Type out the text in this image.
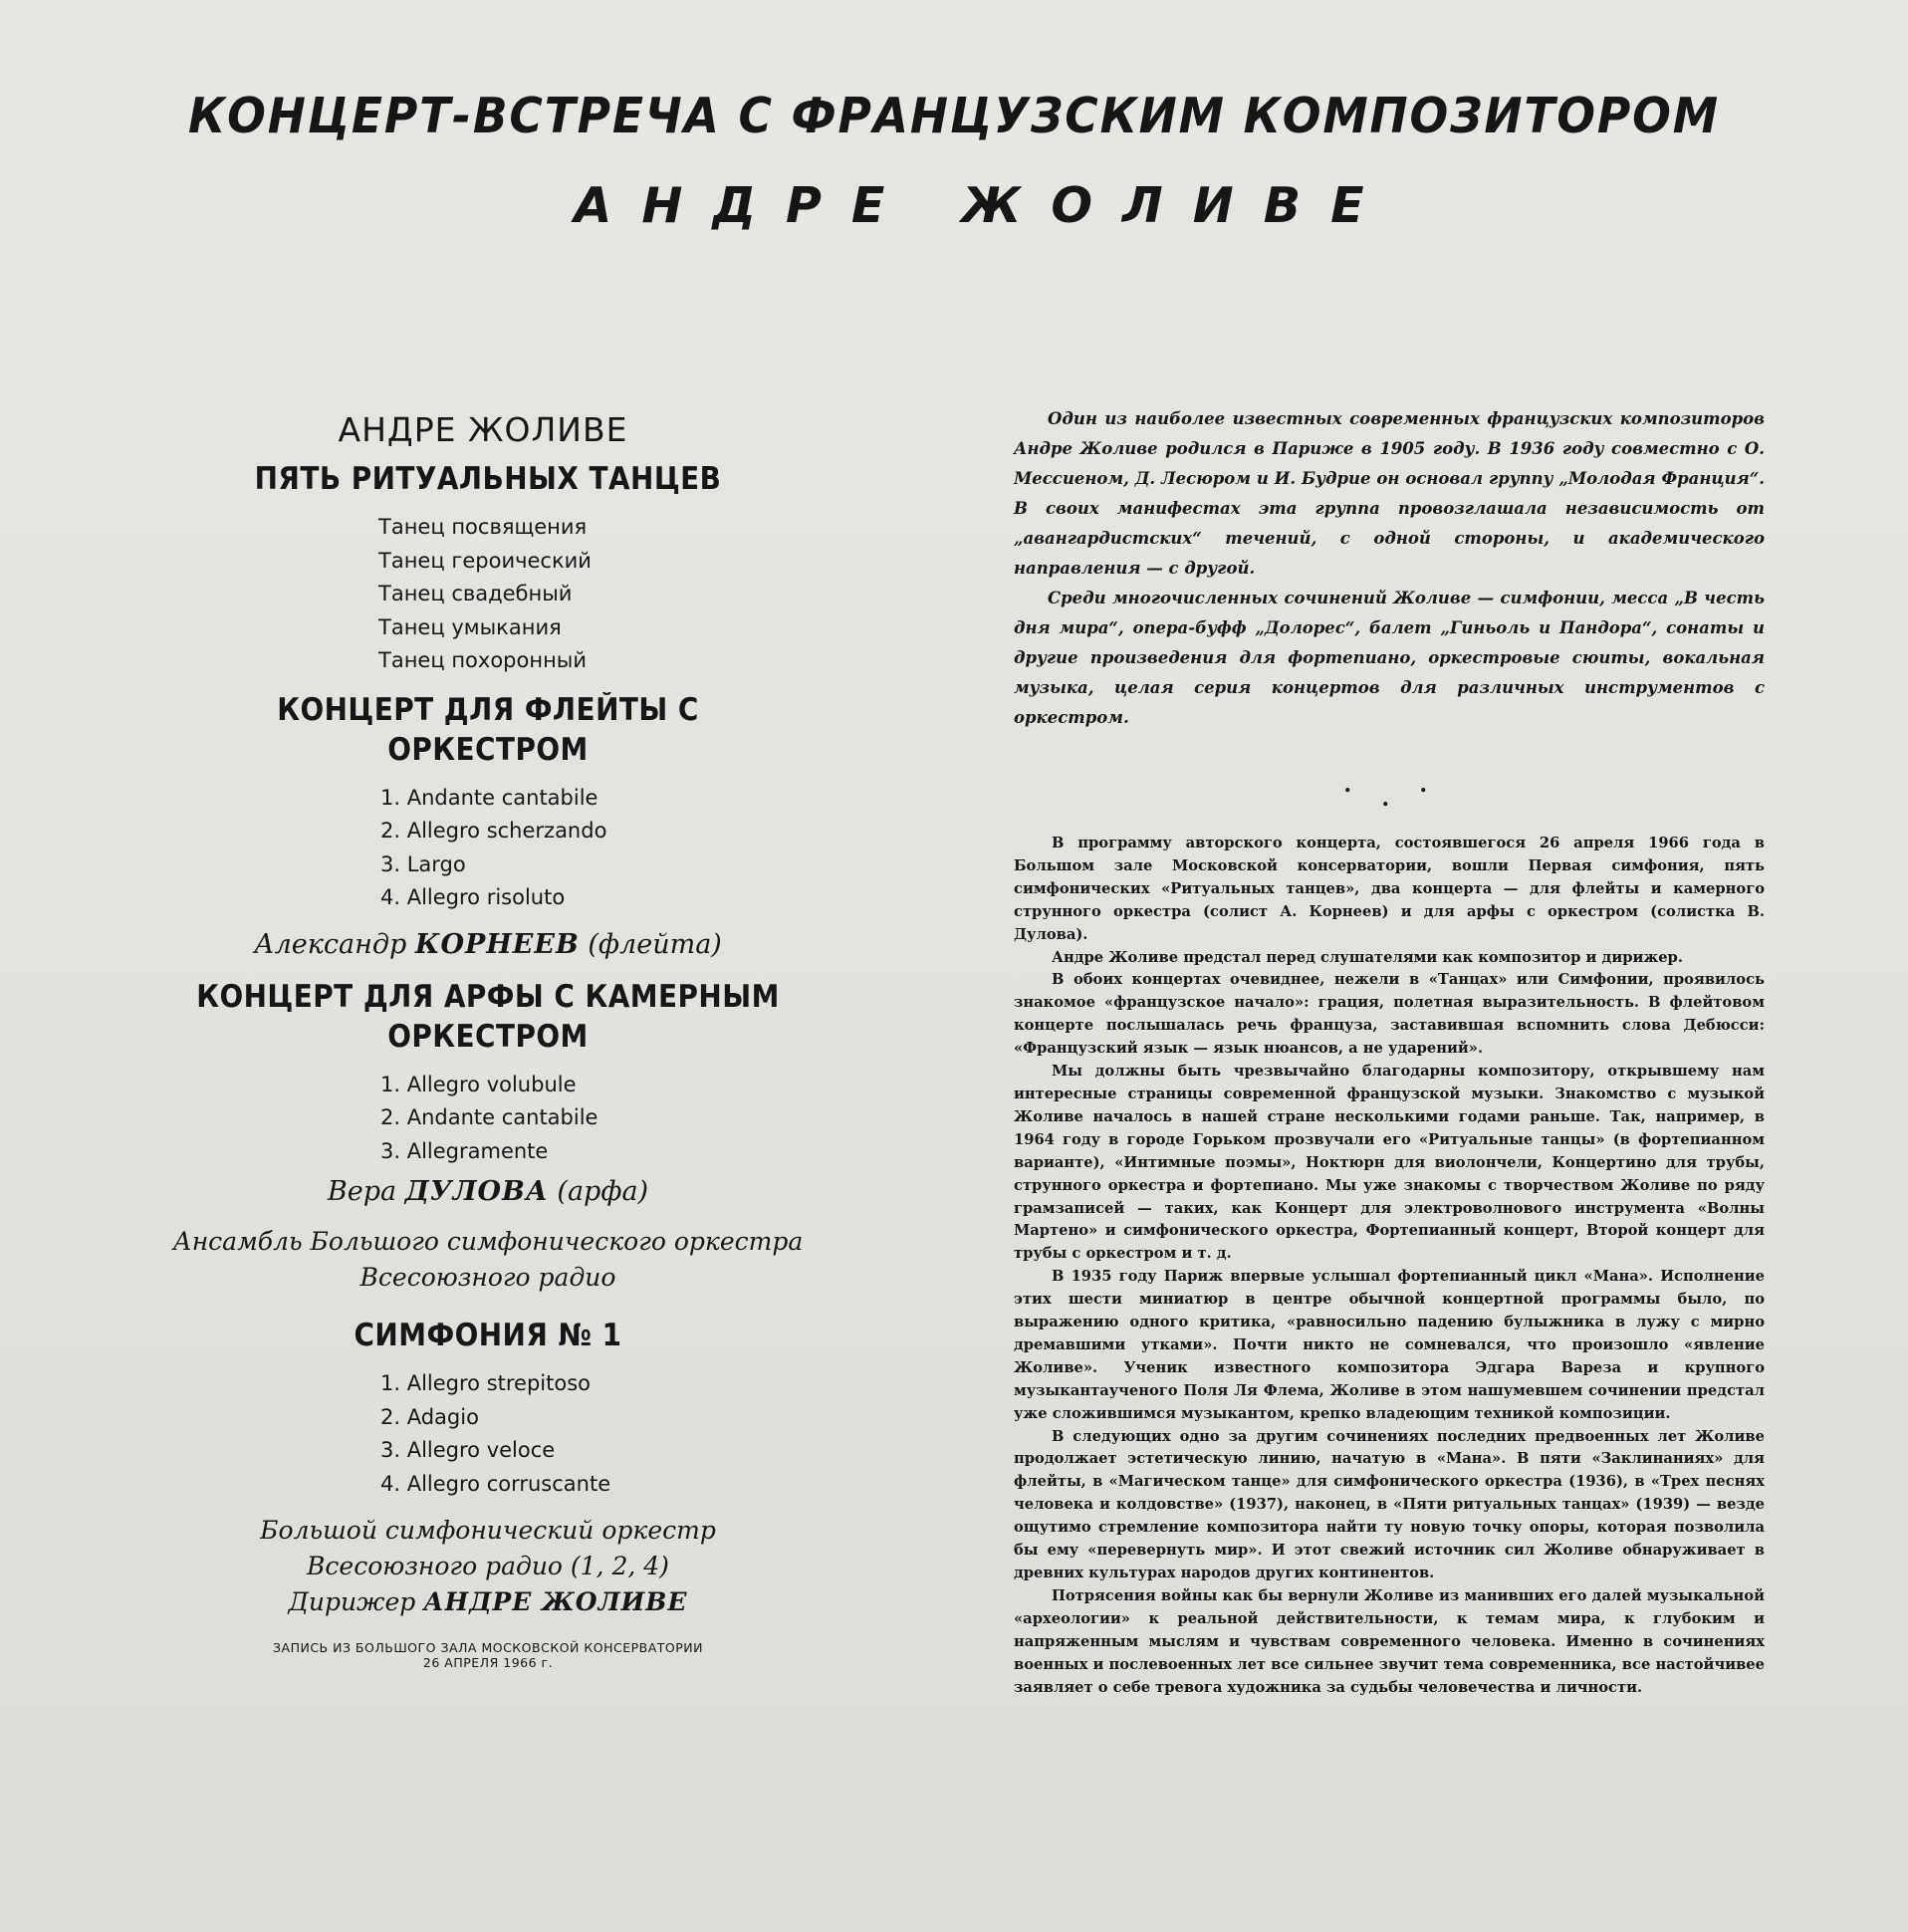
КОНЦЕРТ-ВСТРЕЧА С ФРАНЦУЗСКИМ КОМПОЗИТОРОМ
АНДРЕ ЖОЛИВЕ
АНДРЕ ЖОЛИВЕ
ПЯТЬ РИТУАЛЬНЫХ ТАНЦЕВ
Танец посвящения
Танец героический
Танец свадебный
Танец умыкания
Танец похоронный
КОНЦЕРТ ДЛЯ ФЛЕЙТЫ С ОРКЕСТРОМ
1. Andante cantabile
2. Allegro scherzando
3. Largo
4. Allegro risoluto
Александр КОРНЕЕВ (флейта)
КОНЦЕРТ ДЛЯ АРФЫ С КАМЕРНЫМ
ОРКЕСТРОМ
1. Allegro volubule
2. Andante cantabile
3. Allegramente
Вера ДУЛОВА (арфа)
Ансамбль Большого симфонического оркестра
Всесоюзного радио
СИМФОНИЯ № 1
1. Allegro strepitoso
2. Adagio
3. Allegro veloce
4. Allegro corruscante
Большой симфонический оркестр
Всесоюзного радио (1, 2, 4)
Дирижер АНДРЕ ЖОЛИВЕ
ЗАПИСЬ ИЗ БОЛЬШОГО ЗАЛА МОСКОВСКОЙ КОНСЕРВАТОРИИ
26 АПРЕЛЯ 1966 г.

Один из наиболее известных современных французских композиторов Андре Жоливе родился в Париже в 1905 году. В 1936 году совместно с О. Мессиеном, Д. Лесюром и И. Будрие он основал группу „Молодая Франция“. В своих манифестах эта группа провозглашала независимость от „авангардистских“ течений, с одной стороны, и академического направления — с другой.

Среди многочисленных сочинений Жоливе — симфонии, месса „В честь дня мира“, опера-буфф „Долорес“, балет „Гиньоль и Пандора“, сонаты и другие произведения для фортепиано, оркестровые сюиты, вокальная музыка, целая серия концертов для различных инструментов с оркестром.

. .
.

В программу авторского концерта, состоявшегося 26 апреля 1966 года в Большом зале Московской консерватории, вошли Первая симфония, пять симфонических «Ритуальных танцев», два концерта — для флейты и камерного струнного оркестра (солист А. Корнеев) и для арфы с оркестром (солистка В. Дулова).

Андре Жоливе предстал перед слушателями как композитор и дирижер.

В обоих концертах очевиднее, нежели в «Танцах» или Симфонии, проявилось знакомое «французское начало»: грация, полетная выразительность. В флейтовом концерте послышалась речь француза, заставившая вспомнить слова Дебюсси: «Французский язык — язык нюансов, а не ударений».

Мы должны быть чрезвычайно благодарны композитору, открывшему нам интересные страницы современной французской музыки. Знакомство с музыкой Жоливе началось в нашей стране несколькими годами раньше. Так, например, в 1964 году в городе Горьком прозвучали его «Ритуальные танцы» (в фортепианном варианте), «Интимные поэмы», Ноктюрн для виолончели, Концертино для трубы, струнного оркестра и фортепиано. Мы уже знакомы с творчеством Жоливе по ряду грамзаписей — таких, как Концерт для электроволнового инструмента «Волны Мартено» и симфонического оркестра, Фортепианный концерт, Второй концерт для трубы с оркестром и т. д.

В 1935 году Париж впервые услышал фортепианный цикл «Мана». Исполнение этих шести миниатюр в центре обычной концертной программы было, по выражению одного критика, «равносильно падению булыжника в лужу с мирно дремавшими утками». Почти никто не сомневался, что произошло «явление Жоливе». Ученик известного композитора Эдгара Вареза и крупного музыкантаученого Поля Ля Флема, Жоливе в этом нашумевшем сочинении предстал уже сложившимся музыкантом, крепко владеющим техникой композиции.

В следующих одно за другим сочинениях последних предвоенных лет Жоливе продолжает эстетическую линию, начатую в «Мана». В пяти «Заклинаниях» для флейты, в «Магическом танце» для симфонического оркестра (1936), в «Трех песнях человека и колдовстве» (1937), наконец, в «Пяти ритуальных танцах» (1939) — везде ощутимо стремление композитора найти ту новую точку опоры, которая позволила бы ему «перевернуть мир». И этот свежий источник сил Жоливе обнаруживает в древних культурах народов других континентов.

Потрясения войны как бы вернули Жоливе из манивших его далей музыкальной «археологии» к реальной действительности, к темам мира, к глубоким и напряженным мыслям и чувствам современного человека. Именно в сочинениях военных и послевоенных лет все сильнее звучит тема современника, все настойчивее заявляет о себе тревога художника за судьбы человечества и личности.
